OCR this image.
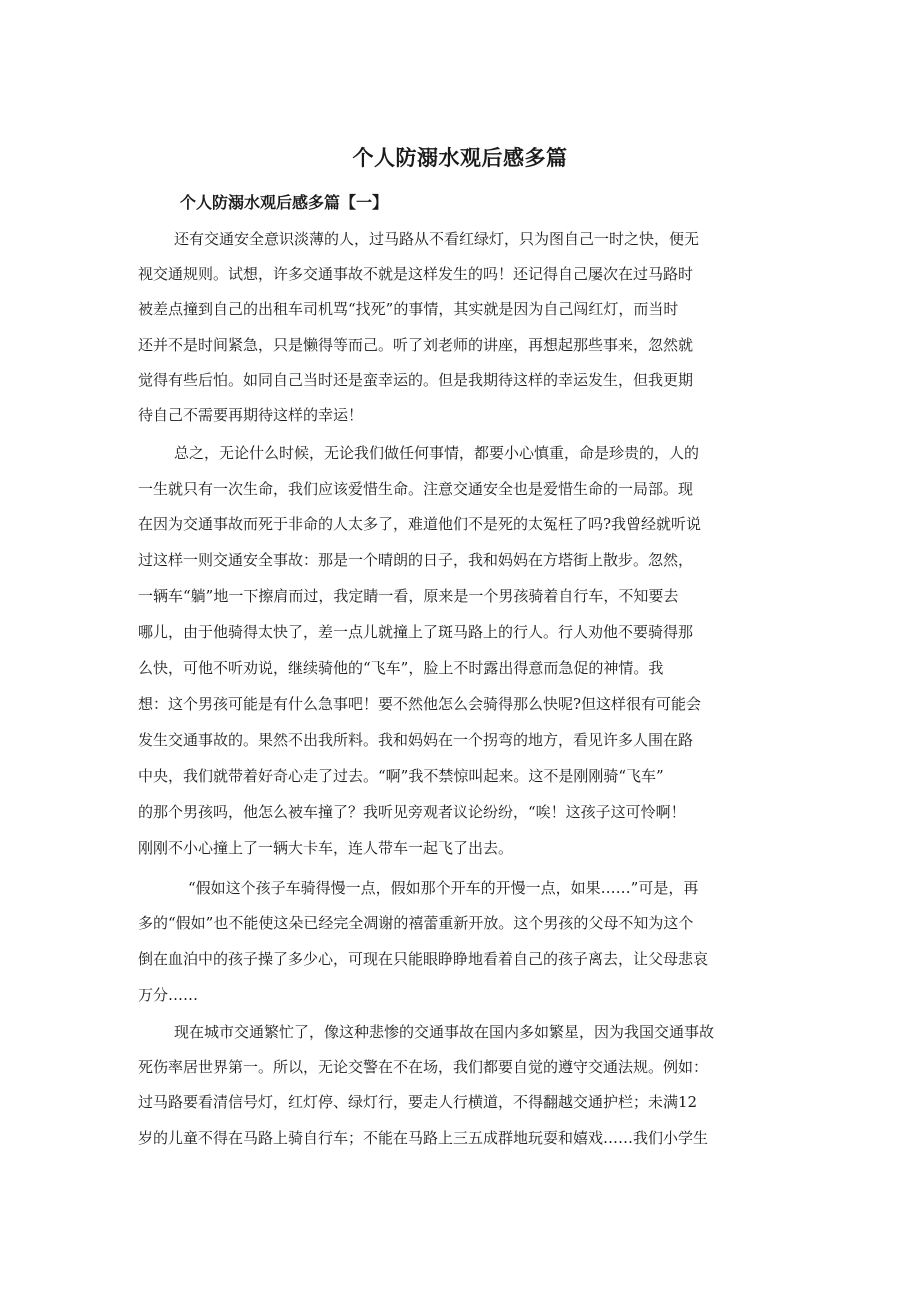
个人防溺水观后感多篇
个人防溺水观后感多篇【一】

还有交通安全意识淡薄的人，过马路从不看红绿灯，只为图自己一时之快，便无

视交通规则。试想，许多交通事故不就是这样发生的吗！还记得自己屡次在过马路时

被差点撞到自己的出租车司机骂“找死”的事情，其实就是因为自己闯红灯，而当时

还并不是时间紧急，只是懒得等而己。听了刘老师的讲座，再想起那些事来，忽然就

觉得有些后怕。如同自己当时还是蛮幸运的。但是我期待这样的幸运发生，但我更期

待自己不需要再期待这样的幸运！

总之，无论什么时候，无论我们做任何事情，都要小心慎重，命是珍贵的，人的

一生就只有一次生命，我们应该爱惜生命。注意交通安全也是爱惜生命的一局部。现

在因为交通事故而死于非命的人太多了，难道他们不是死的太冤枉了吗?我曾经就听说

过这样一则交通安全事故：那是一个晴朗的日子，我和妈妈在方塔街上散步。忽然，

一辆车“躺”地一下擦肩而过，我定睛一看，原来是一个男孩骑着自行车，不知要去

哪儿，由于他骑得太快了，差一点儿就撞上了斑马路上的行人。行人劝他不要骑得那

么快，可他不听劝说，继续骑他的“飞车”，脸上不时露出得意而急促的神情。我

想：这个男孩可能是有什么急事吧！要不然他怎么会骑得那么快呢?但这样很有可能会

发生交通事故的。果然不出我所料。我和妈妈在一个拐弯的地方，看见许多人围在路

中央，我们就带着好奇心走了过去。“啊”我不禁惊叫起来。这不是刚刚骑“飞车”

的那个男孩吗，他怎么被车撞了？我听见旁观者议论纷纷，“唉！这孩子这可怜啊！

刚刚不小心撞上了一辆大卡车，连人带车一起飞了出去。

“假如这个孩子车骑得慢一点，假如那个开车的开慢一点，如果……”可是，再

多的“假如”也不能使这朵已经完全凋谢的禧蕾重新开放。这个男孩的父母不知为这个

倒在血泊中的孩子操了多少心，可现在只能眼睁睁地看着自己的孩子离去，让父母悲哀

万分……

现在城市交通繁忙了，像这种悲惨的交通事故在国内多如繁星，因为我国交通事故

死伤率居世界第一。所以，无论交警在不在场，我们都要自觉的遵守交通法规。例如：

过马路要看清信号灯，红灯停、绿灯行，要走人行横道，不得翻越交通护栏；未满12

岁的儿童不得在马路上骑自行车；不能在马路上三五成群地玩耍和嬉戏……我们小学生
